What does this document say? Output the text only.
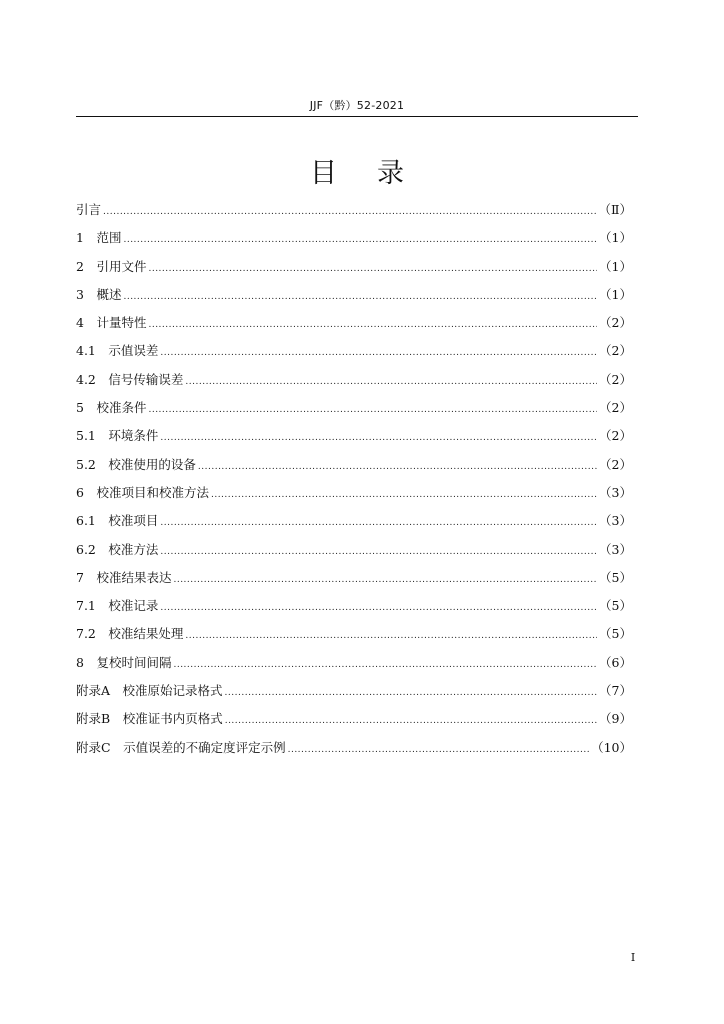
JJF（黔）52-2021
目 录
引言 .....	（Ⅱ）
1　 范围 .....	（1）
2　 引用文件 .....	（1）
3　 概述 .....	（1）
4　 计量特性 .....	（2）
4.1　 示值误差 .....	（2）
4.2　 信号传输误差 .....	（2）
5　 校准条件 .....	（2）
5.1　 环境条件 .....	（2）
5.2　 校准使用的设备 .....	（2）
6　 校准项目和校准方法 .....	（3）
6.1　 校准项目 .....	（3）
6.2　 校准方法 .....	（3）
7　 校准结果表达 .....	（5）
7.1　 校准记录 .....	（5）
7.2　 校准结果处理 .....	（5）
8　 复校时间间隔 .....	（6）
附录A　 校准原始记录格式 .....	（7）
附录B　 校准证书内页格式 .....	（9）
附录C　 示值误差的不确定度评定示例 .....	（10）
I
